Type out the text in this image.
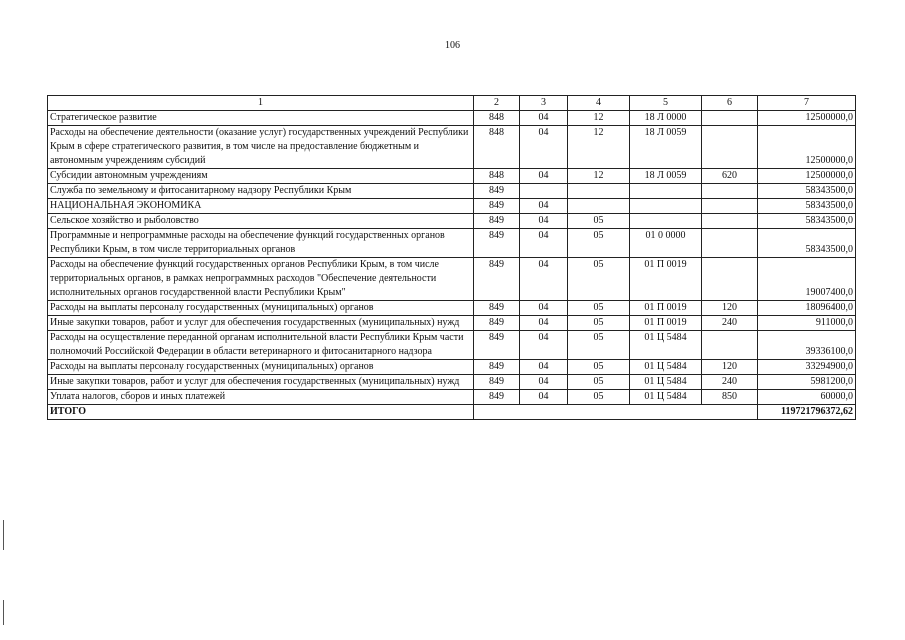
106
1	2	3	4	5	6	7
Стратегическое развитие	848	04	12	18 Л 0000		12500000,0
Расходы на обеспечение деятельности (оказание услуг) государственных учреждений Республики Крым в сфере стратегического развития, в том числе на предоставление бюджетным и автономным учреждениям субсидий	848	04	12	18 Л 0059		12500000,0
Субсидии автономным учреждениям	848	04	12	18 Л 0059	620	12500000,0
Служба по земельному и фитосанитарному надзору Республики Крым	849					58343500,0
НАЦИОНАЛЬНАЯ ЭКОНОМИКА	849	04				58343500,0
Сельское хозяйство и рыболовство	849	04	05			58343500,0
Программные и непрограммные расходы на обеспечение функций государственных органов Республики Крым, в том числе территориальных органов	849	04	05	01 0 0000		58343500,0
Расходы на обеспечение функций государственных органов Республики Крым, в том числе территориальных органов, в рамках непрограммных расходов "Обеспечение деятельности исполнительных органов государственной власти Республики Крым"	849	04	05	01 П 0019		19007400,0
Расходы на выплаты персоналу государственных (муниципальных) органов	849	04	05	01 П 0019	120	18096400,0
Иные закупки товаров, работ и услуг для обеспечения государственных (муниципальных) нужд	849	04	05	01 П 0019	240	911000,0
Расходы на осуществление переданной органам исполнительной власти Республики Крым части полномочий Российской Федерации в области ветеринарного и фитосанитарного надзора	849	04	05	01 Ц 5484		39336100,0
Расходы на выплаты персоналу государственных (муниципальных) органов	849	04	05	01 Ц 5484	120	33294900,0
Иные закупки товаров, работ и услуг для обеспечения государственных (муниципальных) нужд	849	04	05	01 Ц 5484	240	5981200,0
Уплата налогов, сборов и иных платежей	849	04	05	01 Ц 5484	850	60000,0
ИТОГО						119721796372,62
